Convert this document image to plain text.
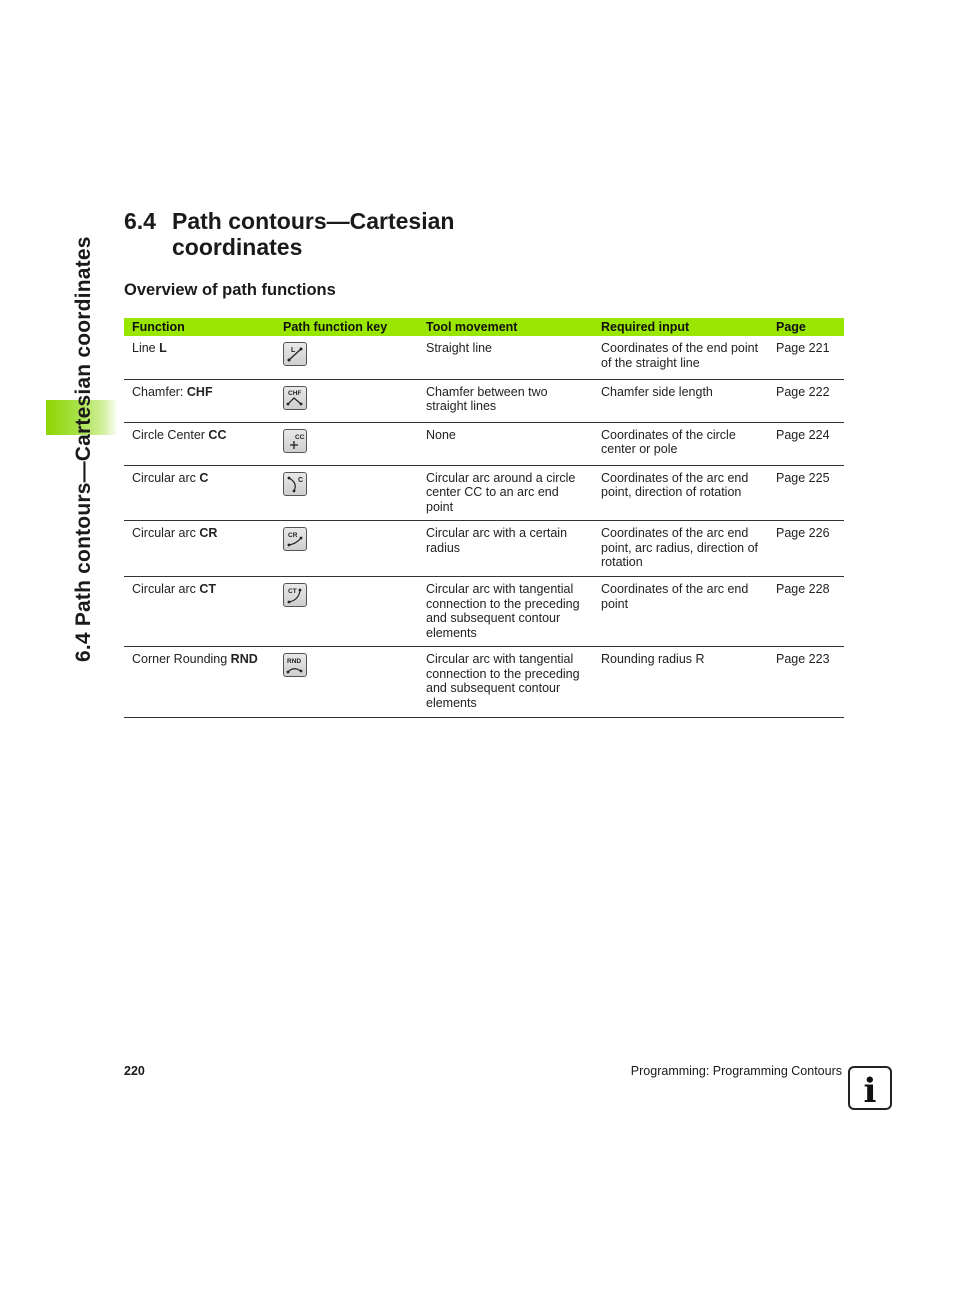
6.4 Path contours—Cartesian coordinates
6.4 Path contours—Cartesian coordinates
Overview of path functions
Function	Path function key	Tool movement	Required input	Page
Line L	L	Straight line	Coordinates of the end point of the straight line	Page 221
Chamfer: CHF	CHF	Chamfer between two straight lines	Chamfer side length	Page 222
Circle Center CC	CC	None	Coordinates of the circle center or pole	Page 224
Circular arc C	C	Circular arc around a circle center CC to an arc end point	Coordinates of the arc end point, direction of rotation	Page 225
Circular arc CR	CR	Circular arc with a certain radius	Coordinates of the arc end point, arc radius, direction of rotation	Page 226
Circular arc CT	CT	Circular arc with tangential connection to the preceding and subsequent contour elements	Coordinates of the arc end point	Page 228
Corner Rounding RND	RND	Circular arc with tangential connection to the preceding and subsequent contour elements	Rounding radius R	Page 223
220	Programming: Programming Contours i
